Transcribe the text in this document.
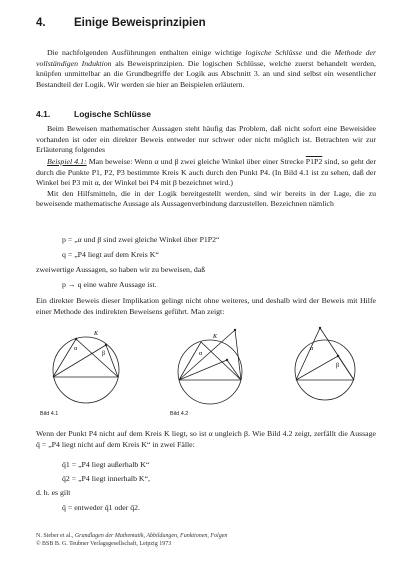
4. Einige Beweisprinzipien
Die nachfolgenden Ausführungen enthalten einige wichtige logische Schlüsse und die Methode der vollständigen Induktion als Beweisprinzipien. Die logischen Schlüsse, welche zuerst behandelt werden, knüpfen unmittelbar an die Grundbegriffe der Logik aus Abschnitt 3. an und sind selbst ein wesentlicher Bestandteil der Logik. Wir werden sie hier an Beispielen erläutern.
4.1.	Logische Schlüsse
Beim Beweisen mathematischer Aussagen steht häufig das Problem, daß nicht sofort eine Beweisidee vorhanden ist oder ein direkter Beweis entweder nur schwer oder nicht möglich ist. Betrachten wir zur Erläuterung folgendes
Beispiel 4.1: Man beweise: Wenn α und β zwei gleiche Winkel über einer Strecke P1P2 sind, so geht der durch die Punkte P1, P2, P3 bestimmte Kreis K auch durch den Punkt P4. (In Bild 4.1 ist zu sehen, daß der Winkel bei P3 mit α, der Winkel bei P4 mit β bezeichnet wird.)
Mit den Hilfsmitteln, die in der Logik bereitgestellt werden, sind wir bereits in der Lage, die zu beweisende mathematische Aussage als Aussagenverbindung darzustellen. Bezeichnen nämlich
p = „α und β sind zwei gleiche Winkel über P1P2“
q = „P4 liegt auf dem Kreis K“
zweiwertige Aussagen, so haben wir zu beweisen, daß
p → q eine wahre Aussage ist.
Ein direkter Beweis dieser Implikation gelingt nicht ohne weiteres, und deshalb wird der Beweis mit Hilfe einer Methode des indirekten Beweisens geführt. Man zeigt:
K
α
β
Bild 4.1
K
α
Bild 4.2
α
β
Wenn der Punkt P4 nicht auf dem Kreis K liegt, so ist α ungleich β. Wie Bild 4.2 zeigt, zerfällt die Aussage q̄ = „P4 liegt nicht auf dem Kreis K“ in zwei Fälle:
q̄1 = „P4 liegt außerhalb K“
q̄2 = „P4 liegt innerhalb K“,
d. h. es gilt
q̄ = entweder q̄1 oder q̄2.
N. Sieber et al., Grundlagen der Mathematik, Abbildungen, Funktionen, Folgen
© BSB B. G. Teubner Verlagsgesellschaft, Leipzig 1973
